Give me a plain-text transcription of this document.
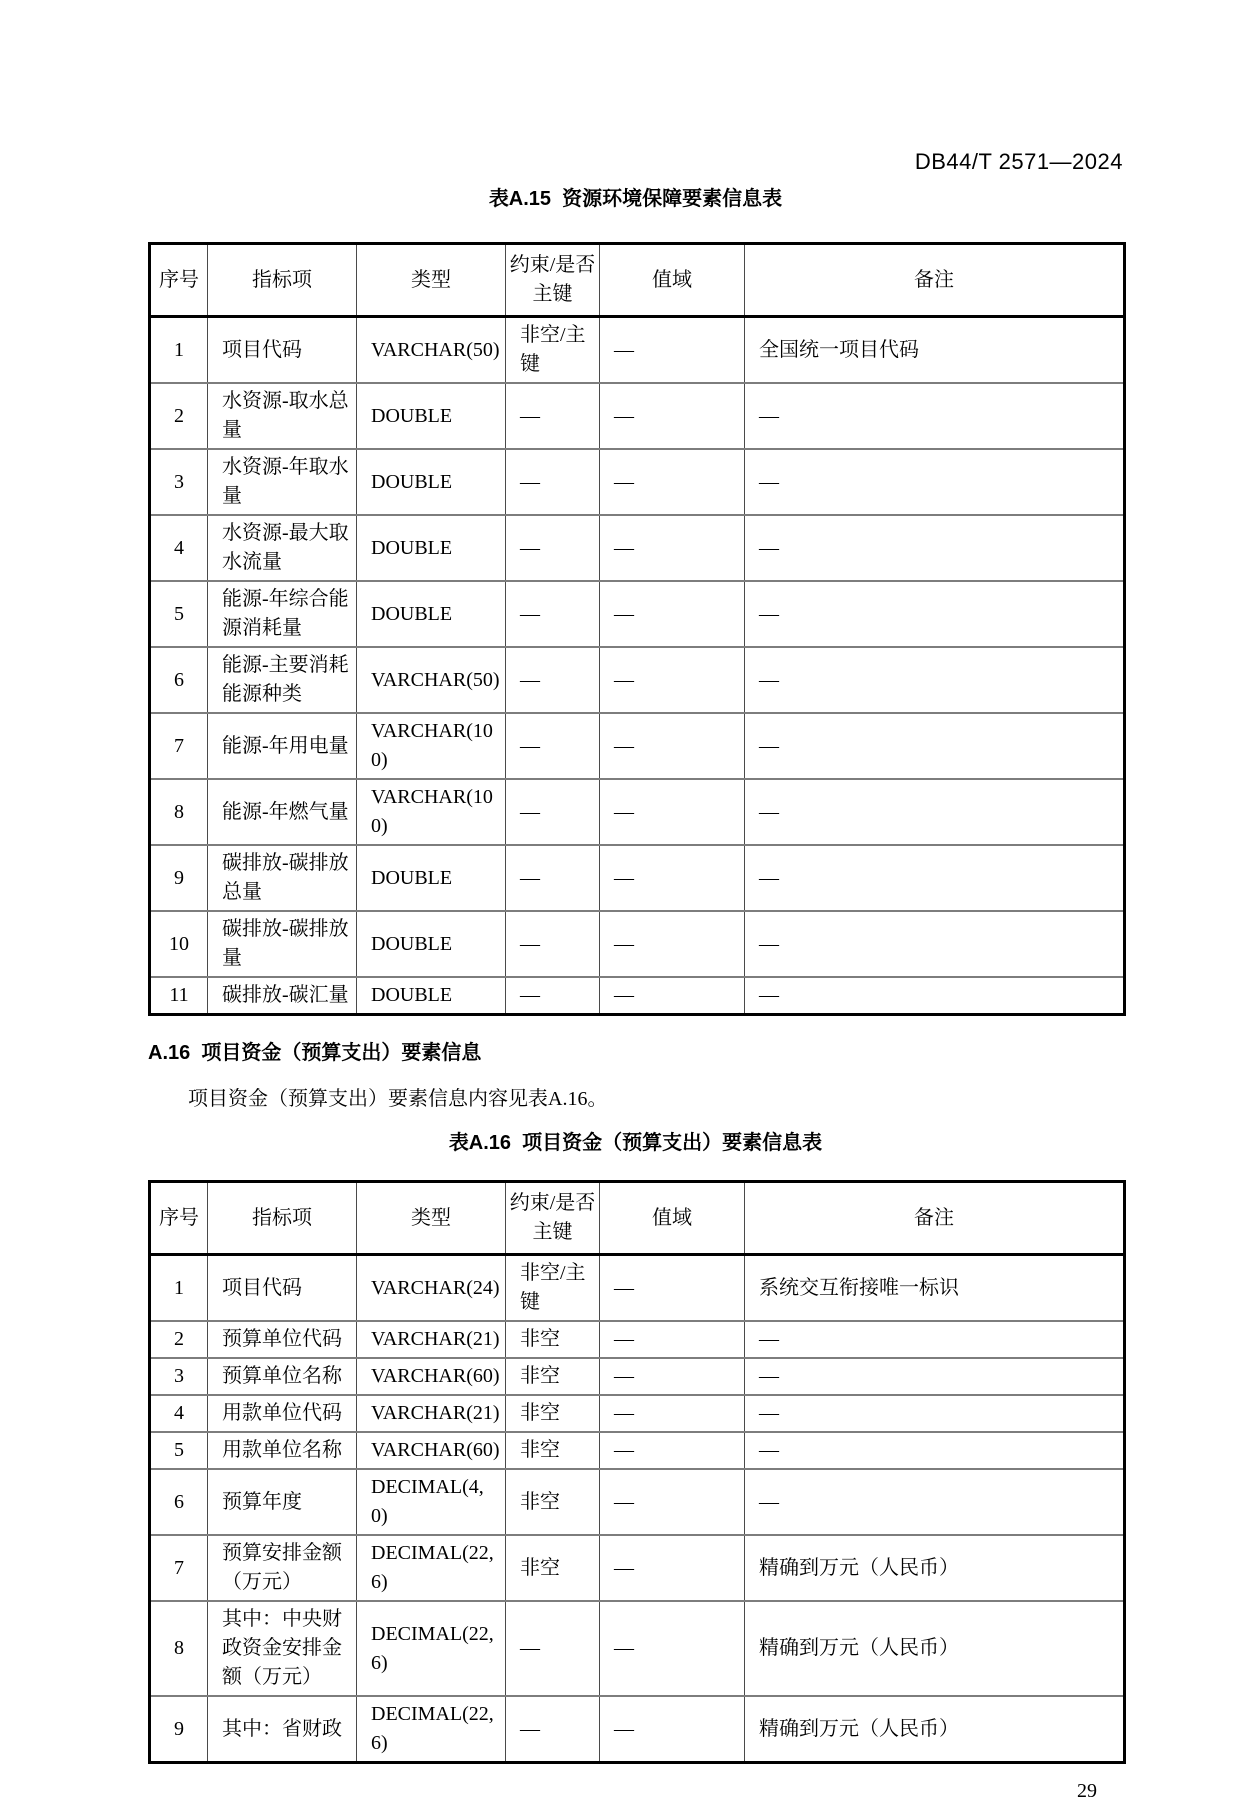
DB44/T 2571—2024
表A.15  资源环境保障要素信息表
序号	指标项	类型	约束/是否主键	值域	备注
1	项目代码	VARCHAR(50)	非空/主键	—	全国统一项目代码
2	水资源-取水总量	DOUBLE	—	—	—
3	水资源-年取水量	DOUBLE	—	—	—
4	水资源-最大取水流量	DOUBLE	—	—	—
5	能源-年综合能源消耗量	DOUBLE	—	—	—
6	能源-主要消耗能源种类	VARCHAR(50)	—	—	—
7	能源-年用电量	VARCHAR(100)	—	—	—
8	能源-年燃气量	VARCHAR(100)	—	—	—
9	碳排放-碳排放总量	DOUBLE	—	—	—
10	碳排放-碳排放量	DOUBLE	—	—	—
11	碳排放-碳汇量	DOUBLE	—	—	—
A.16  项目资金（预算支出）要素信息
项目资金（预算支出）要素信息内容见表A.16。
表A.16  项目资金（预算支出）要素信息表
序号	指标项	类型	约束/是否主键	值域	备注
1	项目代码	VARCHAR(24)	非空/主键	—	系统交互衔接唯一标识
2	预算单位代码	VARCHAR(21)	非空	—	—
3	预算单位名称	VARCHAR(60)	非空	—	—
4	用款单位代码	VARCHAR(21)	非空	—	—
5	用款单位名称	VARCHAR(60)	非空	—	—
6	预算年度	DECIMAL(4, 0)	非空	—	—
7	预算安排金额（万元）	DECIMAL(22, 6)	非空	—	精确到万元（人民币）
8	其中：中央财政资金安排金额（万元）	DECIMAL(22, 6)	—	—	精确到万元（人民币）
9	其中：省财政	DECIMAL(22, 6)	—	—	精确到万元（人民币）
29
